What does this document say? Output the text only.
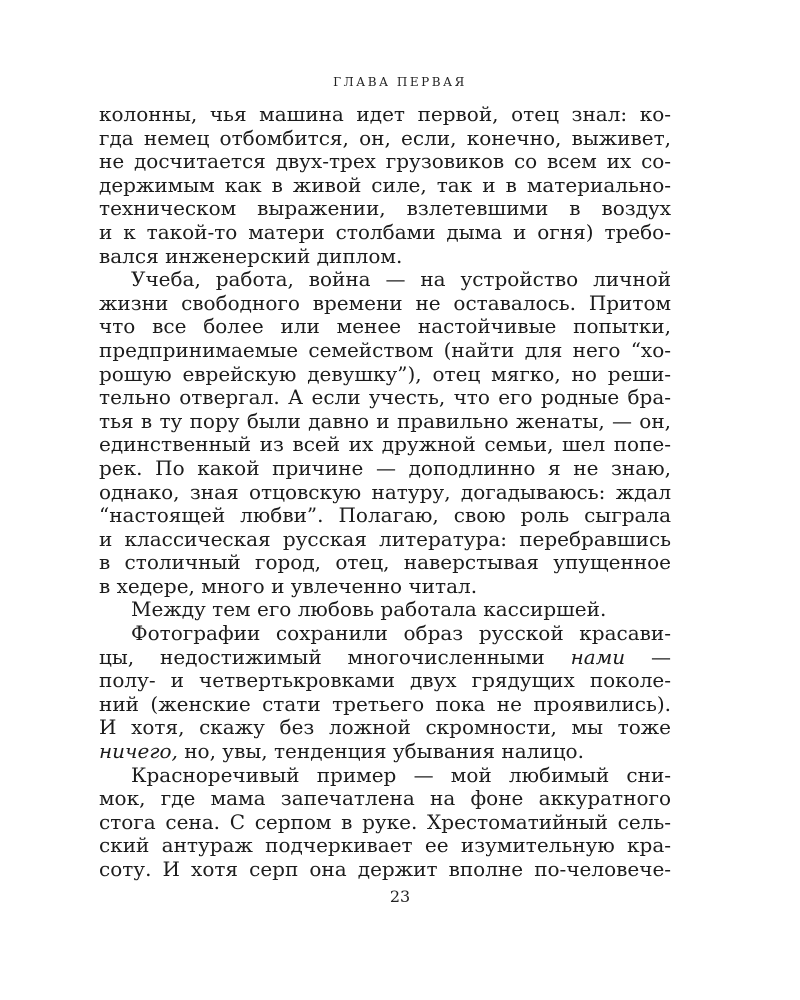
ГЛАВА ПЕРВАЯ
колонны, чья машина идет первой, отец знал: ко-
гда немец отбомбится, он, если, конечно, выживет,
не досчитается двух-трех грузовиков со всем их со-
держимым как в живой силе, так и в материально-
техническом выражении, взлетевшими в воздух
и к такой-то матери столбами дыма и огня) требо-
вался инженерский диплом.
Учеба, работа, война — на устройство личной
жизни свободного времени не оставалось. Притом
что все более или менее настойчивые попытки,
предпринимаемые семейством (найти для него “хо-
рошую еврейскую девушку”), отец мягко, но реши-
тельно отвергал. А если учесть, что его родные бра-
тья в ту пору были давно и правильно женаты, — он,
единственный из всей их дружной семьи, шел попе-
рек. По какой причине — доподлинно я не знаю,
однако, зная отцовскую натуру, догадываюсь: ждал
“настоящей любви”. Полагаю, свою роль сыграла
и классическая русская литература: перебравшись
в столичный город, отец, наверстывая упущенное
в хедере, много и увлеченно читал.
Между тем его любовь работала кассиршей.
Фотографии сохранили образ русской красави-
цы, недостижимый многочисленными нами —
полу- и четвертькровками двух грядущих поколе-
ний (женские стати третьего пока не проявились).
И хотя, скажу без ложной скромности, мы тоже
ничего, но, увы, тенденция убывания налицо.
Красноречивый пример — мой любимый сни-
мок, где мама запечатлена на фоне аккуратного
стога сена. С серпом в руке. Хрестоматийный сель-
ский антураж подчеркивает ее изумительную кра-
соту. И хотя серп она держит вполне по-человече-
23
